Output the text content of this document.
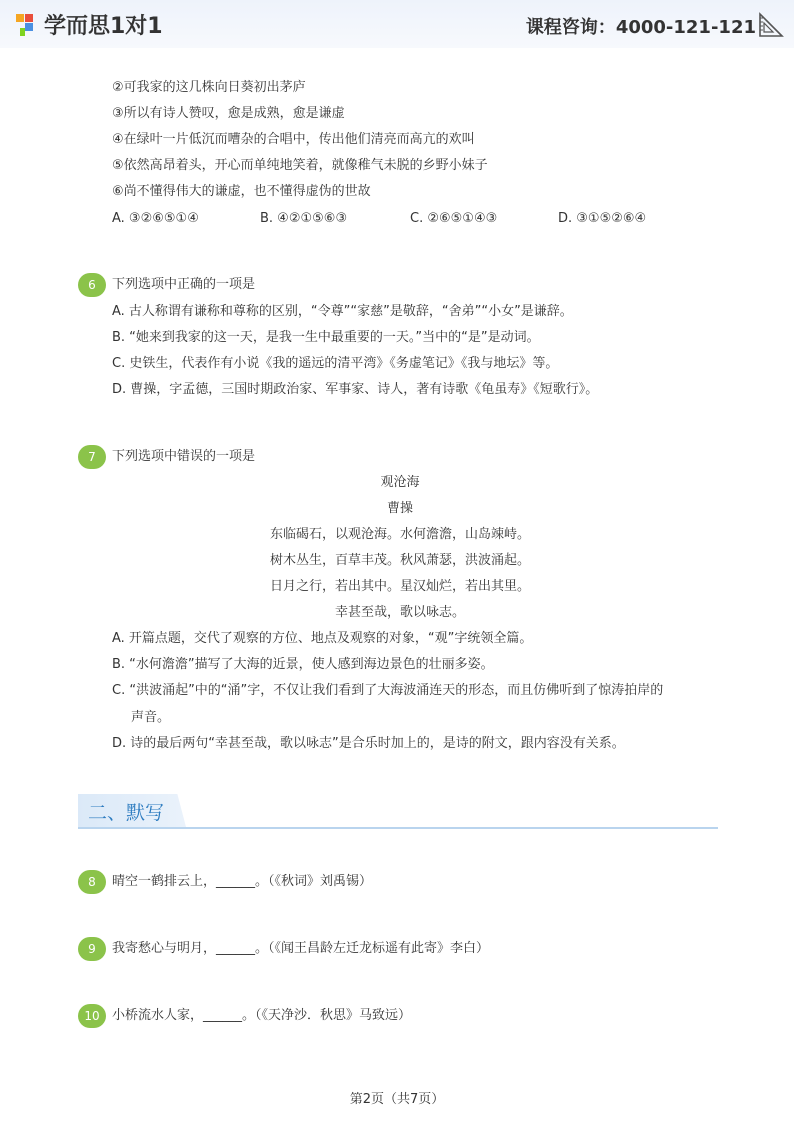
学而思1对1	课程咨询：4000-121-121
②可我家的这几株向日葵初出茅庐
③所以有诗人赞叹，愈是成熟，愈是谦虚
④在绿叶一片低沉而嘈杂的合唱中，传出他们清亮而高亢的欢叫
⑤依然高昂着头，开心而单纯地笑着，就像稚气未脱的乡野小妹子
⑥尚不懂得伟大的谦虚，也不懂得虚伪的世故
A. ③②⑥⑤①④	B. ④②①⑤⑥③	C. ②⑥⑤①④③	D. ③①⑤②⑥④
6	下列选项中正确的一项是
A. 古人称谓有谦称和尊称的区别，“令尊”“家慈”是敬辞，“舍弟”“小女”是谦辞。
B. “她来到我家的这一天，是我一生中最重要的一天。”当中的“是”是动词。
C. 史铁生，代表作有小说《我的遥远的清平湾》《务虚笔记》《我与地坛》等。
D. 曹操，字孟德，三国时期政治家、军事家、诗人，著有诗歌《龟虽寿》《短歌行》。
7	下列选项中错误的一项是
观沧海
曹操
东临碣石，以观沧海。水何澹澹，山岛竦峙。
树木丛生，百草丰茂。秋风萧瑟，洪波涌起。
日月之行，若出其中。星汉灿烂，若出其里。
幸甚至哉，歌以咏志。
A. 开篇点题，交代了观察的方位、地点及观察的对象，“观”字统领全篇。
B. “水何澹澹”描写了大海的近景，使人感到海边景色的壮丽多姿。
C. “洪波涌起”中的“涌”字，不仅让我们看到了大海波涌连天的形态，而且仿佛听到了惊涛拍岸的
声音。
D. 诗的最后两句“幸甚至哉，歌以咏志”是合乐时加上的，是诗的附文，跟内容没有关系。
二、默写
8	晴空一鹤排云上，______。（《秋词》刘禹锡）
9	我寄愁心与明月，______。（《闻王昌龄左迁龙标遥有此寄》李白）
10 小桥流水人家，______。（《天净沙．秋思》马致远）
第2页（共7页）
